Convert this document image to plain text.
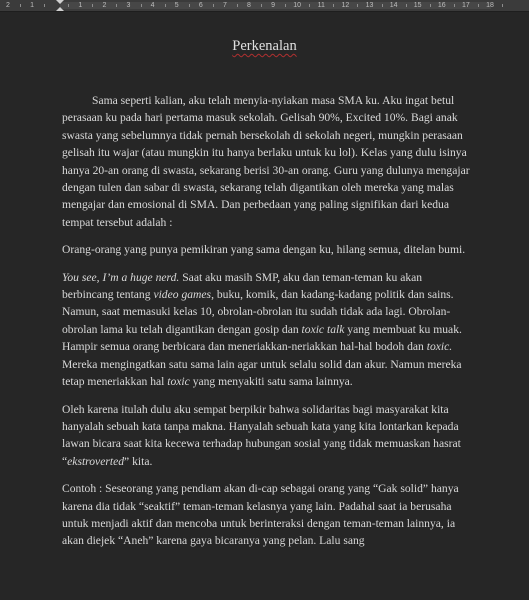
2	1	1	2	3	4	5	6	7	8	9	10 11 12 13 14 15 16 17 18
Perkenalan

Sama seperti kalian, aku telah menyia-nyiakan masa SMA ku. Aku ingat betul perasaan ku pada hari pertama masuk sekolah. Gelisah 90%, Excited 10%. Bagi anak swasta yang sebelumnya tidak pernah bersekolah di sekolah negeri, mungkin perasaan gelisah itu wajar (atau mungkin itu hanya berlaku untuk ku lol). Kelas yang dulu isinya hanya 20-an orang di swasta, sekarang berisi 30-an orang. Guru yang dulunya mengajar dengan tulen dan sabar di swasta, sekarang telah digantikan oleh mereka yang malas mengajar dan emosional di SMA. Dan perbedaan yang paling signifikan dari kedua tempat tersebut adalah :

Orang-orang yang punya pemikiran yang sama dengan ku, hilang semua, ditelan bumi.

You see, I’m a huge nerd. Saat aku masih SMP, aku dan teman-teman ku akan berbincang tentang video games, buku, komik, dan kadang-kadang politik dan sains. Namun, saat memasuki kelas 10, obrolan-obrolan itu sudah tidak ada lagi. Obrolan-obrolan lama ku telah digantikan dengan gosip dan toxic talk yang membuat ku muak. Hampir semua orang berbicara dan meneriakkan-neriakkan hal-hal bodoh dan toxic. Mereka mengingatkan satu sama lain agar untuk selalu solid dan akur. Namun mereka tetap meneriakkan hal toxic yang menyakiti satu sama lainnya.

Oleh karena itulah dulu aku sempat berpikir bahwa solidaritas bagi masyarakat kita hanyalah sebuah kata tanpa makna. Hanyalah sebuah kata yang kita lontarkan kepada lawan bicara saat kita kecewa terhadap hubungan sosial yang tidak memuaskan hasrat “ekstroverted” kita.

Contoh : Seseorang yang pendiam akan di-cap sebagai orang yang “Gak solid” hanya karena dia tidak “seaktif” teman-teman kelasnya yang lain. Padahal saat ia berusaha untuk menjadi aktif dan mencoba untuk berinteraksi dengan teman-teman lainnya, ia akan diejek “Aneh” karena gaya bicaranya yang pelan. Lalu sang
